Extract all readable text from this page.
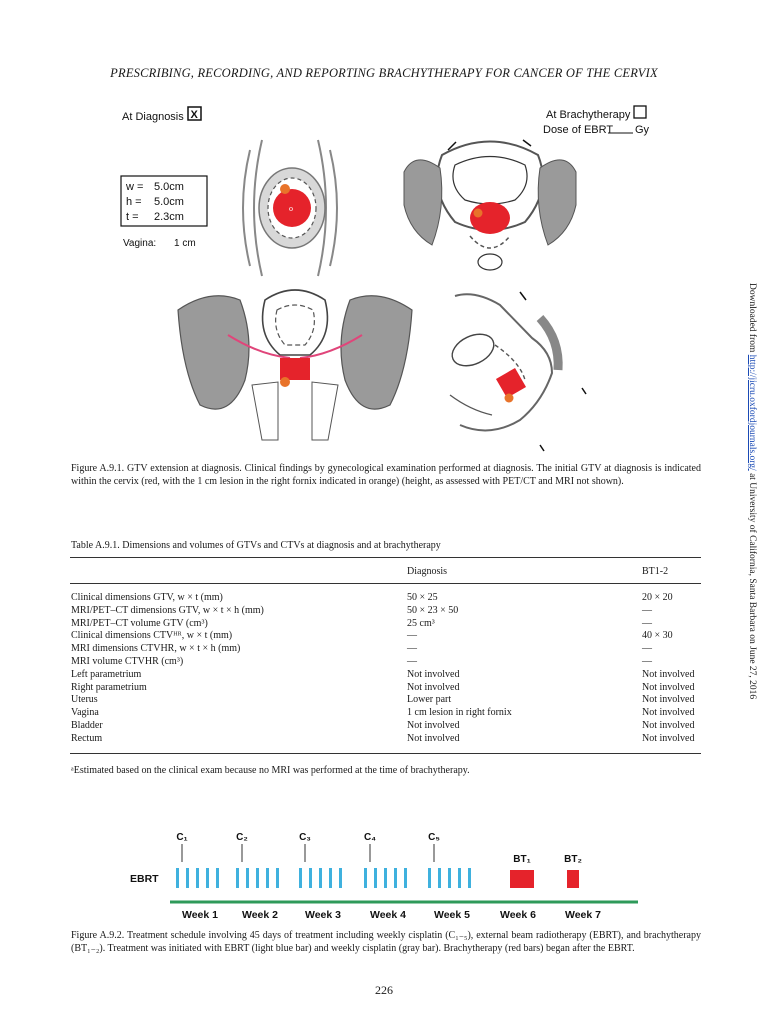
PRESCRIBING, RECORDING, AND REPORTING BRACHYTHERAPY FOR CANCER OF THE CERVIX
At Diagnosis X	At Brachytherapy
Dose of EBRT Gy
w = 5.0cm
h = 5.0cm
t = 2.3cm
Vagina: 1 cm
o
Figure A.9.1. GTV extension at diagnosis. Clinical findings by gynecological examination performed at diagnosis. The initial GTV at diagnosis is indicated within the cervix (red, with the 1 cm lesion in the right fornix indicated in orange) (height, as assessed with PET/CT and MRI not shown).
Table A.9.1. Dimensions and volumes of GTVs and CTVs at diagnosis and at brachytherapy
	Diagnosis	BT1-2

Clinical dimensions GTV, w × t (mm)	50 × 25	20 × 20
MRI/PET–CT dimensions GTV, w × t × h (mm)	50 × 23 × 50	—
MRI/PET–CT volume GTV (cm³)	25 cm³	—
Clinical dimensions CTVᴴᴿ, w × t (mm)	—	40 × 30
MRI dimensions CTVHR, w × t × h (mm)	—	—
MRI volume CTVHR (cm³)	—	—
Left parametrium	Not involved	Not involved
Right parametrium	Not involved	Not involved
Uterus	Lower part	Not involved
Vagina	1 cm lesion in right fornix	Not involved
Bladder	Not involved	Not involved
Rectum	Not involved	Not involved
ᵃEstimated based on the clinical exam because no MRI was performed at the time of brachytherapy.
EBRT
C₁	C₂	C₃	C₄	C₅
BT₁	BT₂
Week 1 Week 2	Week 3	Week 4	Week 5	Week 6	Week 7
Figure A.9.2. Treatment schedule involving 45 days of treatment including weekly cisplatin (C₁₋₅), external beam radiotherapy (EBRT), and brachytherapy (BT₁₋₂). Treatment was initiated with EBRT (light blue bar) and weekly cisplatin (gray bar). Brachytherapy (red bars) began after the EBRT.
226
Downloaded from http://jicru.oxfordjournals.org/ at University of California, Santa Barbara on June 27, 2016
